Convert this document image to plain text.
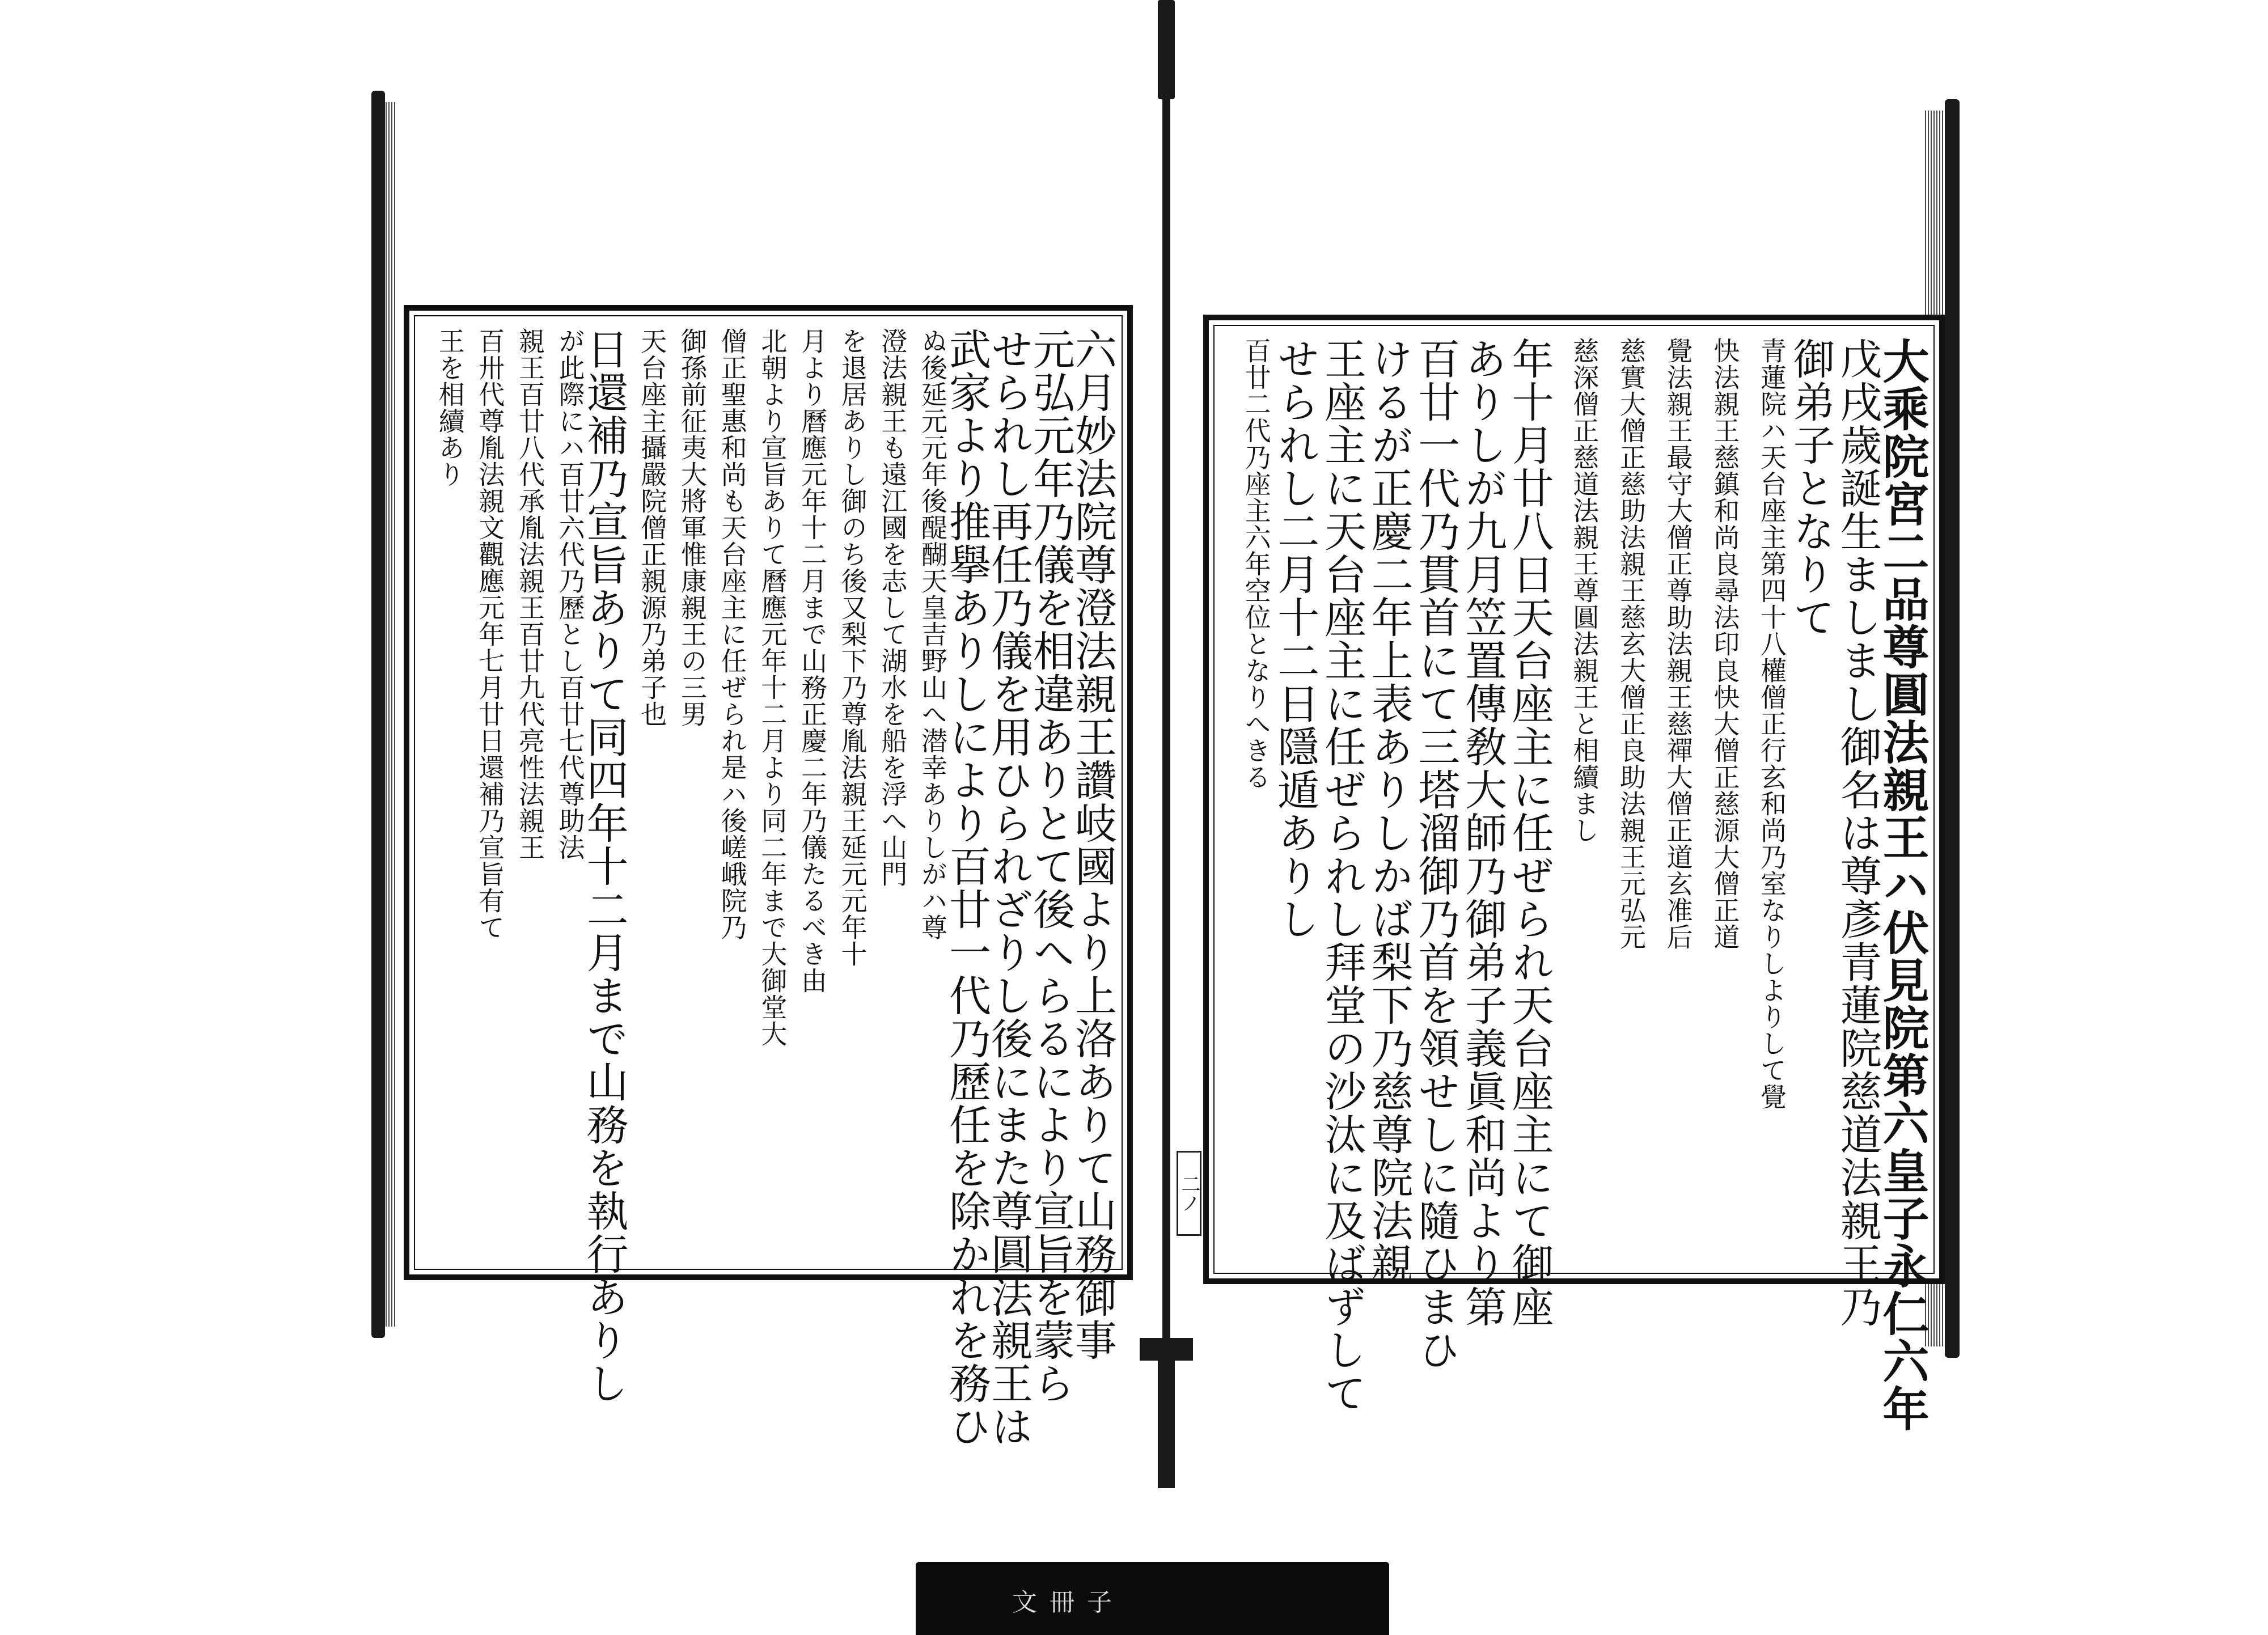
六月妙法院尊澄法親王讚岐國より上洛ありて山務御事
元弘元年乃儀を相違ありとて後へらるにより宣旨を蒙ら
せられし再任乃儀を用ひられざりし後にまた尊圓法親王は
武家より推擧ありしにより百廿一代乃歷任を除かれを務ひ
ぬ後延元元年後醍醐天皇吉野山へ潜幸ありしがハ尊
澄法親王も遠江國を志して湖水を船を浮へ山門
を退居ありし御のち後又梨下乃尊胤法親王延元元年十
月より曆應元年十二月まで山務正慶二年乃儀たるべき由
北朝より宣旨ありて曆應元年十二月より同二年まで大御堂大
僧正聖惠和尚も天台座主に任ぜられ是ハ後嵯峨院乃
御孫前征夷大將軍惟康親王の三男
天台座主攝嚴院僧正親源乃弟子也
日還補乃宣旨ありて同四年十二月まで山務を執行ありし
が此際にハ百廿六代乃歷とし百廿七代尊助法
親王百廿八代承胤法親王百廿九代亮性法親王
百卅代尊胤法親文觀應元年七月廿日還補乃宣旨有て
王を相續あり	大乘院宮二品尊圓法親王ハ伏見院第六皇子永仁六年
戊戌歲誕生ましまし御名は尊彥青蓮院慈道法親王乃
御弟子となりて
青蓮院ハ天台座主第四十八權僧正行玄和尚乃室なりしよりして覺
快法親王慈鎮和尚良尋法印良快大僧正慈源大僧正道
覺法親王最守大僧正尊助法親王慈禪大僧正道玄准后
慈實大僧正慈助法親王慈玄大僧正良助法親王元弘元
慈深僧正慈道法親王尊圓法親王と相續まし
年十月廿八日天台座主に任ぜられ天台座主にて御座
ありしが九月笠置傳敎大師乃御弟子義眞和尚より第
百廿一代乃貫首にて三塔溜御乃首を領せしに隨ひまひ
けるが正慶二年上表ありしかば梨下乃慈尊院法親
王座主に天台座主に任ぜられし拜堂の沙汰に及ばずして
せられし二月十二日隱遁ありし
百廿二代乃座主六年空位となりへきる
二ノ
文 冊 子
